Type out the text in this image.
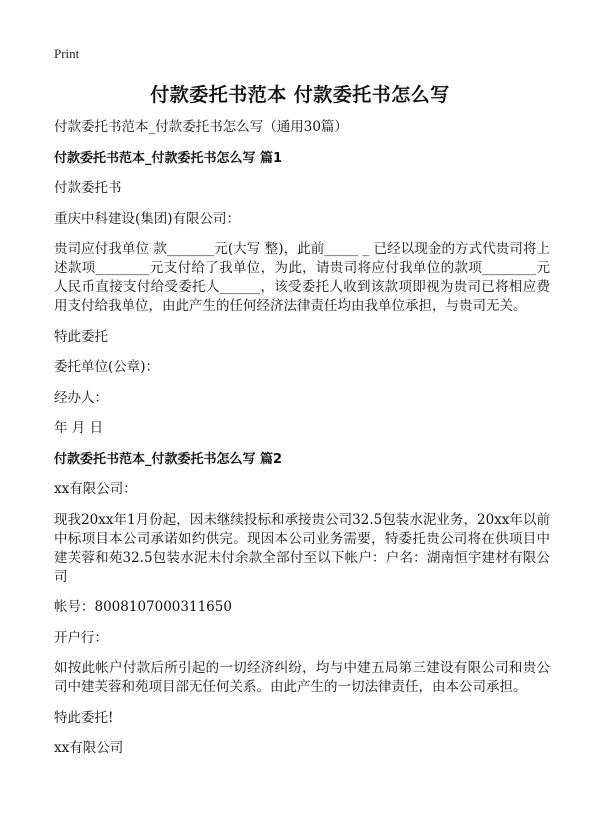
Print
付款委托书范本 付款委托书怎么写

付款委托书范本_付款委托书怎么写（通用30篇）

付款委托书范本_付款委托书怎么写 篇1

付款委托书

重庆中科建设(集团)有限公司：

贵司应付我单位 款_______元(大写 整)，此前_____ _ 已经以现金的方式代贵司将上述款项________元支付给了我单位，为此，请贵司将应付我单位的款项________元人民币直接支付给受委托人______，该受委托人收到该款项即视为贵司已将相应费用支付给我单位，由此产生的任何经济法律责任均由我单位承担，与贵司无关。

特此委托

委托单位(公章)：

经办人：

年 月 日

付款委托书范本_付款委托书怎么写 篇2

xx有限公司：

现我20xx年1月份起，因未继续投标和承接贵公司32.5包装水泥业务，20xx年以前中标项目本公司承诺如约供完。现因本公司业务需要，特委托贵公司将在供项目中建芙蓉和苑32.5包装水泥未付余款全部付至以下帐户：户名：湖南恒宇建材有限公司

帐号：8008107000311650

开户行：

如按此帐户付款后所引起的一切经济纠纷，均与中建五局第三建设有限公司和贵公司中建芙蓉和苑项目部无任何关系。由此产生的一切法律责任，由本公司承担。

特此委托!

xx有限公司
